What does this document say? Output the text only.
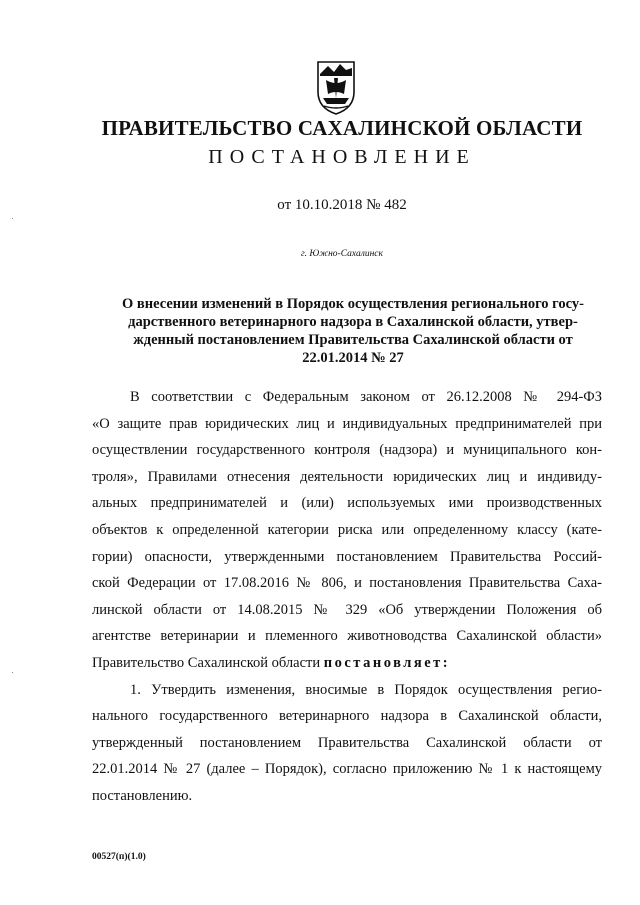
ПРАВИТЕЛЬСТВО САХАЛИНСКОЙ ОБЛАСТИ
ПОСТАНОВЛЕНИЕ
от 10.10.2018 № 482
г. Южно-Сахалинск
О внесении изменений в Порядок осуществления регионального госу-
дарственного ветеринарного надзора в Сахалинской области, утвер-
жденный постановлением Правительства Сахалинской области от
22.01.2014 № 27
В соответствии с Федеральным законом от 26.12.2008 № 294-ФЗ
«О защите прав юридических лиц и индивидуальных предпринимателей при
осуществлении государственного контроля (надзора) и муниципального кон-
троля», Правилами отнесения деятельности юридических лиц и индивиду-
альных предпринимателей и (или) используемых ими производственных
объектов к определенной категории риска или определенному классу (кате-
гории) опасности, утвержденными постановлением Правительства Россий-
ской Федерации от 17.08.2016 № 806, и постановления Правительства Саха-
линской области от 14.08.2015 № 329 «Об утверждении Положения об
агентстве ветеринарии и племенного животноводства Сахалинской области»
Правительство Сахалинской области постановляет:
1. Утвердить изменения, вносимые в Порядок осуществления регио-
нального государственного ветеринарного надзора в Сахалинской области,
утвержденный постановлением Правительства Сахалинской области от
22.01.2014 № 27 (далее – Порядок), согласно приложению № 1 к настоящему
постановлению.
00527(п)(1.0)
